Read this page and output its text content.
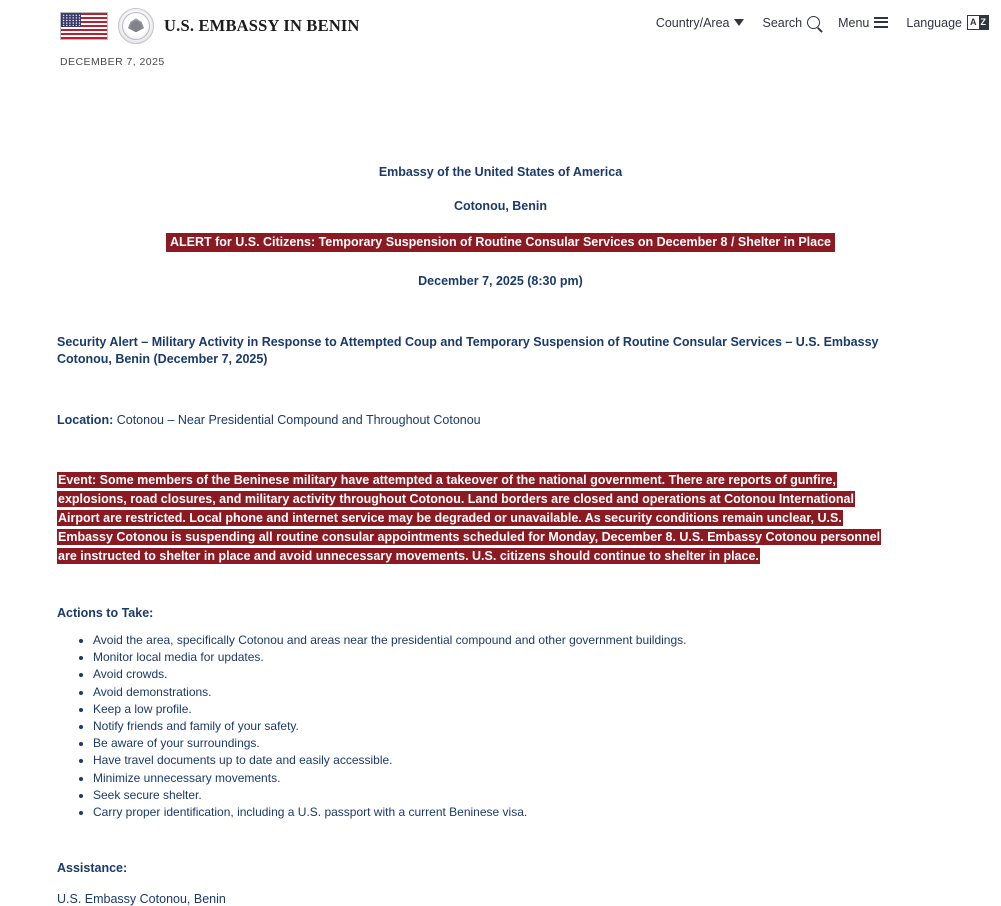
U.S. EMBASSY IN BENIN	Country/Area	Search	Menu	Language A Z
DECEMBER 7, 2025
Embassy of the United States of America
Cotonou, Benin
ALERT for U.S. Citizens: Temporary Suspension of Routine Consular Services on December 8 / Shelter in Place
December 7, 2025 (8:30 pm)
Security Alert – Military Activity in Response to Attempted Coup and Temporary Suspension of Routine Consular Services – U.S. Embassy Cotonou, Benin (December 7, 2025)
Location: Cotonou – Near Presidential Compound and Throughout Cotonou
Event: Some members of the Beninese military have attempted a takeover of the national government. There are reports of gunfire, explosions, road closures, and military activity throughout Cotonou. Land borders are closed and operations at Cotonou International Airport are restricted. Local phone and internet service may be degraded or unavailable. As security conditions remain unclear, U.S. Embassy Cotonou is suspending all routine consular appointments scheduled for Monday, December 8. U.S. Embassy Cotonou personnel are instructed to shelter in place and avoid unnecessary movements. U.S. citizens should continue to shelter in place.
Actions to Take:
Avoid the area, specifically Cotonou and areas near the presidential compound and other government buildings.
Monitor local media for updates.
Avoid crowds.
Avoid demonstrations.
Keep a low profile.
Notify friends and family of your safety.
Be aware of your surroundings.
Have travel documents up to date and easily accessible.
Minimize unnecessary movements.
Seek secure shelter.
Carry proper identification, including a U.S. passport with a current Beninese visa.
Assistance:
U.S. Embassy Cotonou, Benin
